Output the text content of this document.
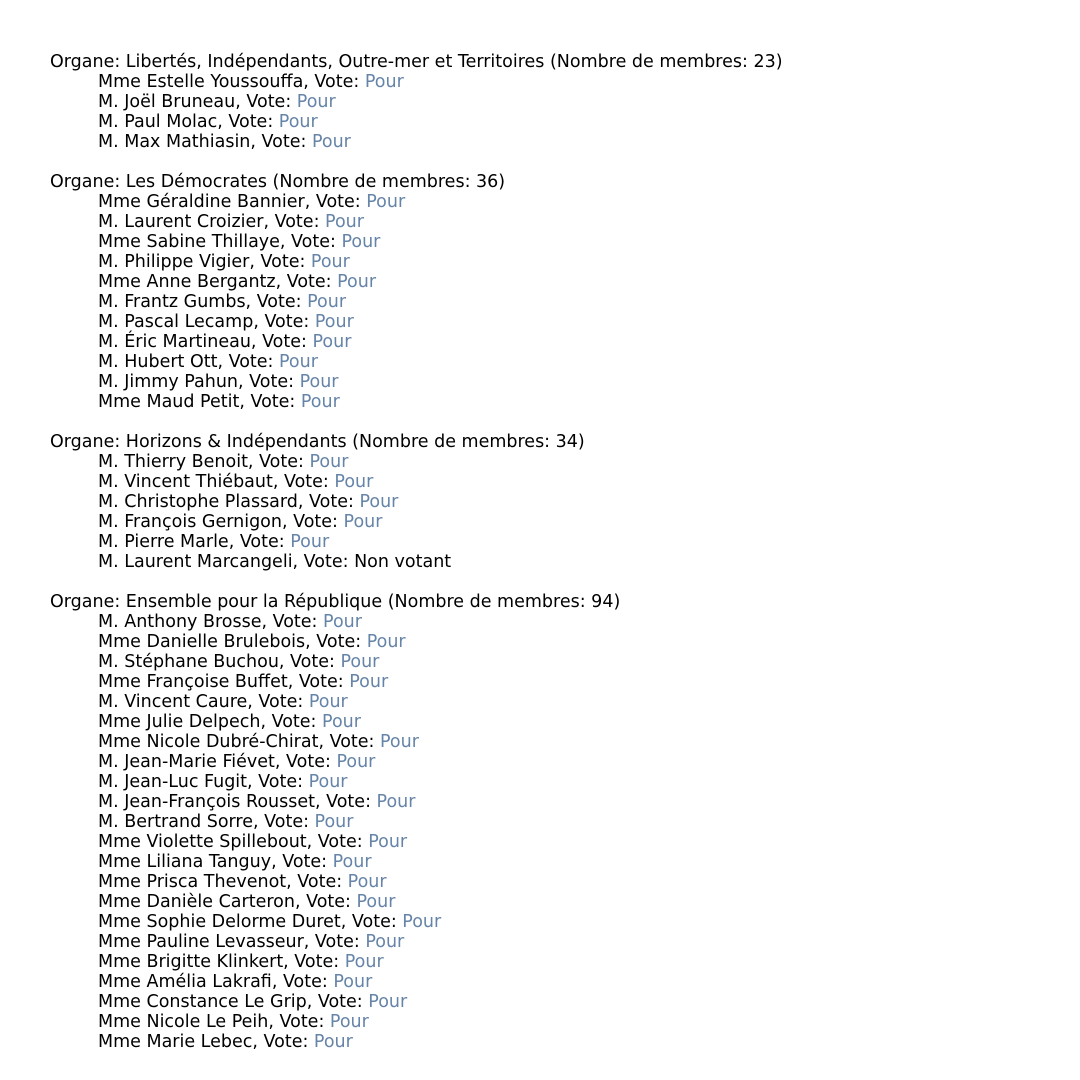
Organe: Libertés, Indépendants, Outre-mer et Territoires (Nombre de membres: 23)
Mme Estelle Youssouffa, Vote: Pour
M. Joël Bruneau, Vote: Pour
M. Paul Molac, Vote: Pour
M. Max Mathiasin, Vote: Pour
Organe: Les Démocrates (Nombre de membres: 36)
Mme Géraldine Bannier, Vote: Pour
M. Laurent Croizier, Vote: Pour
Mme Sabine Thillaye, Vote: Pour
M. Philippe Vigier, Vote: Pour
Mme Anne Bergantz, Vote: Pour
M. Frantz Gumbs, Vote: Pour
M. Pascal Lecamp, Vote: Pour
M. Éric Martineau, Vote: Pour
M. Hubert Ott, Vote: Pour
M. Jimmy Pahun, Vote: Pour
Mme Maud Petit, Vote: Pour
Organe: Horizons & Indépendants (Nombre de membres: 34)
M. Thierry Benoit, Vote: Pour
M. Vincent Thiébaut, Vote: Pour
M. Christophe Plassard, Vote: Pour
M. François Gernigon, Vote: Pour
M. Pierre Marle, Vote: Pour
M. Laurent Marcangeli, Vote: Non votant
Organe: Ensemble pour la République (Nombre de membres: 94)
M. Anthony Brosse, Vote: Pour
Mme Danielle Brulebois, Vote: Pour
M. Stéphane Buchou, Vote: Pour
Mme Françoise Buffet, Vote: Pour
M. Vincent Caure, Vote: Pour
Mme Julie Delpech, Vote: Pour
Mme Nicole Dubré-Chirat, Vote: Pour
M. Jean-Marie Fiévet, Vote: Pour
M. Jean-Luc Fugit, Vote: Pour
M. Jean-François Rousset, Vote: Pour
M. Bertrand Sorre, Vote: Pour
Mme Violette Spillebout, Vote: Pour
Mme Liliana Tanguy, Vote: Pour
Mme Prisca Thevenot, Vote: Pour
Mme Danièle Carteron, Vote: Pour
Mme Sophie Delorme Duret, Vote: Pour
Mme Pauline Levasseur, Vote: Pour
Mme Brigitte Klinkert, Vote: Pour
Mme Amélia Lakrafi, Vote: Pour
Mme Constance Le Grip, Vote: Pour
Mme Nicole Le Peih, Vote: Pour
Mme Marie Lebec, Vote: Pour
